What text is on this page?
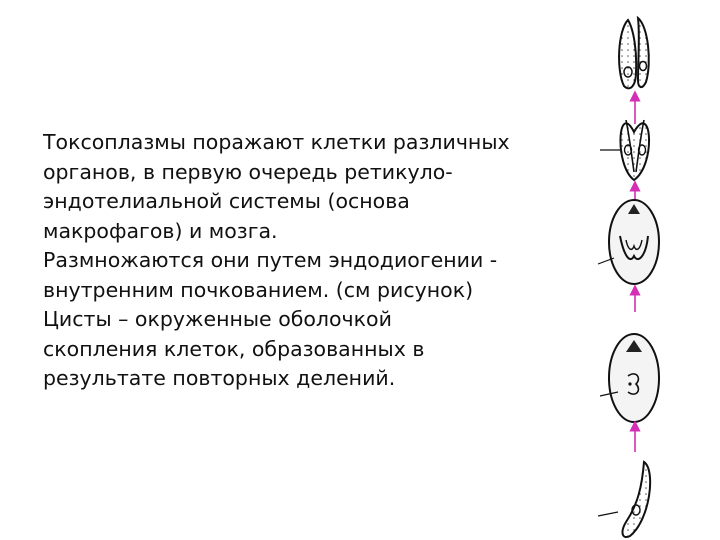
Токсоплазмы поражают клетки различных
органов, в первую очередь ретикуло-
эндотелиальной системы (основа
макрофагов) и мозга.
Размножаются они путем эндодиогении -
внутренним почкованием. (см рисунок)
Цисты – окруженные оболочкой
скопления клеток, образованных в
результате повторных делений.
